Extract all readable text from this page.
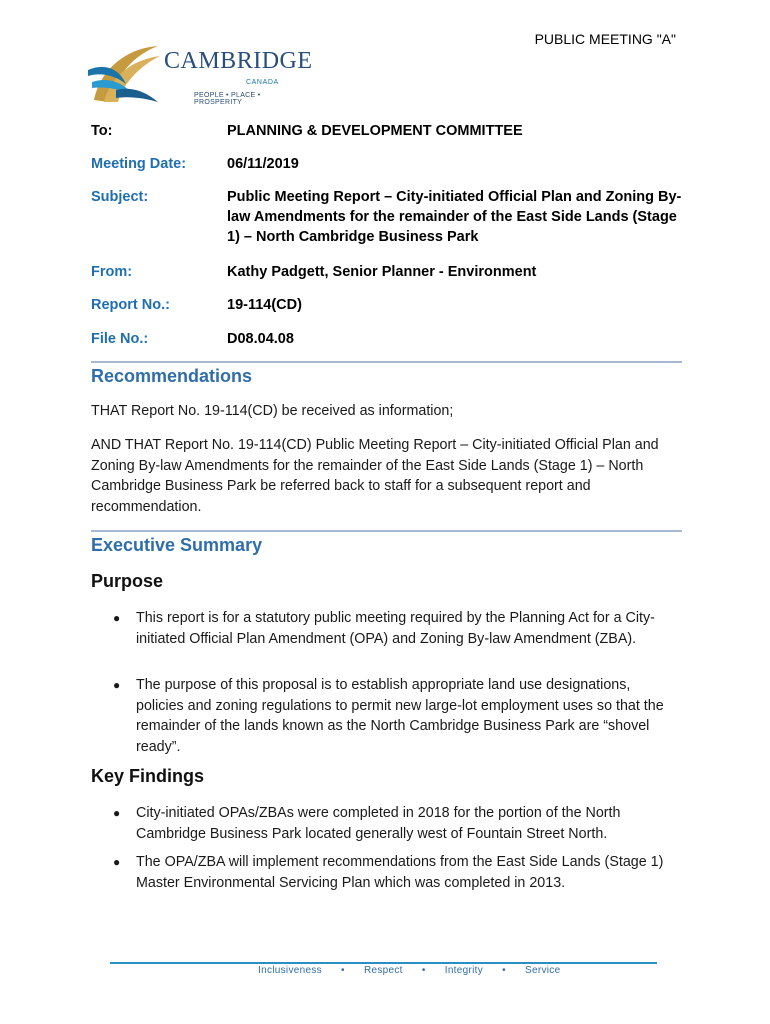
PUBLIC MEETING "A"
CAMBRIDGE
CANADA
PEOPLE • PLACE • PROSPERITY
To:	PLANNING & DEVELOPMENT COMMITTEE
Meeting Date:	06/11/2019
Subject:	Public Meeting Report – City-initiated Official Plan and Zoning By-law Amendments for the remainder of the East Side Lands (Stage 1) – North Cambridge Business Park
From:	Kathy Padgett, Senior Planner - Environment
Report No.:	19-114(CD)
File No.:	D08.04.08
Recommendations
THAT Report No. 19-114(CD) be received as information;
AND THAT Report No. 19-114(CD) Public Meeting Report – City-initiated Official Plan and Zoning By-law Amendments for the remainder of the East Side Lands (Stage 1) – North Cambridge Business Park be referred back to staff for a subsequent report and recommendation.
Executive Summary
Purpose
● This report is for a statutory public meeting required by the Planning Act for a City-initiated Official Plan Amendment (OPA) and Zoning By-law Amendment (ZBA).
● The purpose of this proposal is to establish appropriate land use designations, policies and zoning regulations to permit new large-lot employment uses so that the remainder of the lands known as the North Cambridge Business Park are “shovel ready”.
Key Findings
● City-initiated OPAs/ZBAs were completed in 2018 for the portion of the North Cambridge Business Park located generally west of Fountain Street North.
● The OPA/ZBA will implement recommendations from the East Side Lands (Stage 1) Master Environmental Servicing Plan which was completed in 2013.
Inclusiveness • Respect • Integrity • Service
